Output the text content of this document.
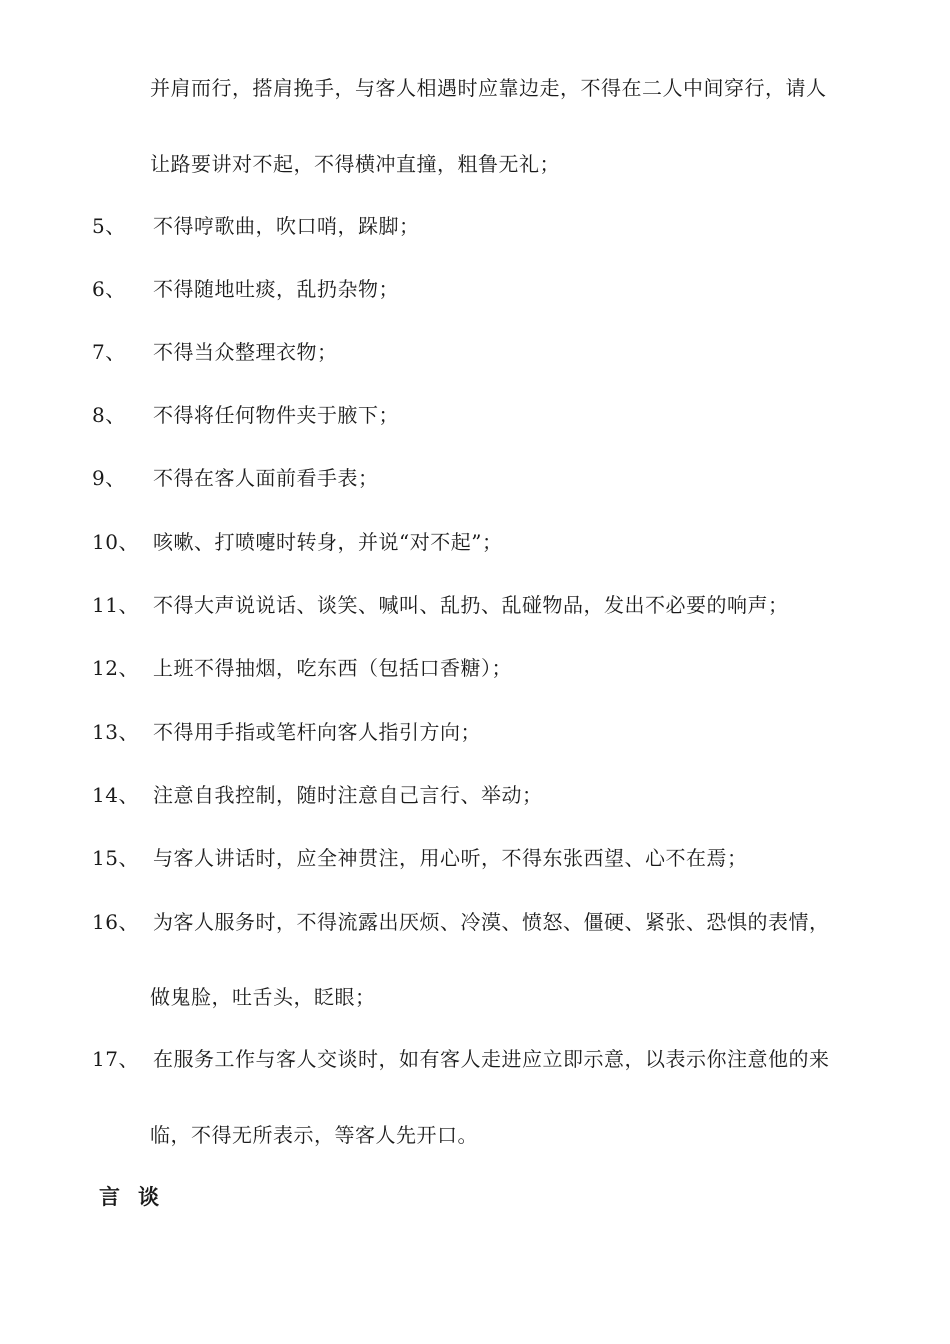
并肩而行，搭肩挽手，与客人相遇时应靠边走，不得在二人中间穿行，请人
让路要讲对不起，不得横冲直撞，粗鲁无礼；
5、 不得哼歌曲，吹口哨，跺脚；
6、 不得随地吐痰，乱扔杂物；
7、 不得当众整理衣物；
8、 不得将任何物件夹于腋下；
9、 不得在客人面前看手表；
10、 咳嗽、打喷嚏时转身，并说“对不起”；
11、 不得大声说说话、谈笑、喊叫、乱扔、乱碰物品，发出不必要的响声；
12、 上班不得抽烟，吃东西（包括口香糖）；
13、 不得用手指或笔杆向客人指引方向；
14、 注意自我控制，随时注意自己言行、举动；
15、 与客人讲话时，应全神贯注，用心听，不得东张西望、心不在焉；
16、 为客人服务时，不得流露出厌烦、冷漠、愤怒、僵硬、紧张、恐惧的表情，
做鬼脸，吐舌头，眨眼；
17、 在服务工作与客人交谈时，如有客人走进应立即示意，以表示你注意他的来
临，不得无所表示，等客人先开口。
言谈
